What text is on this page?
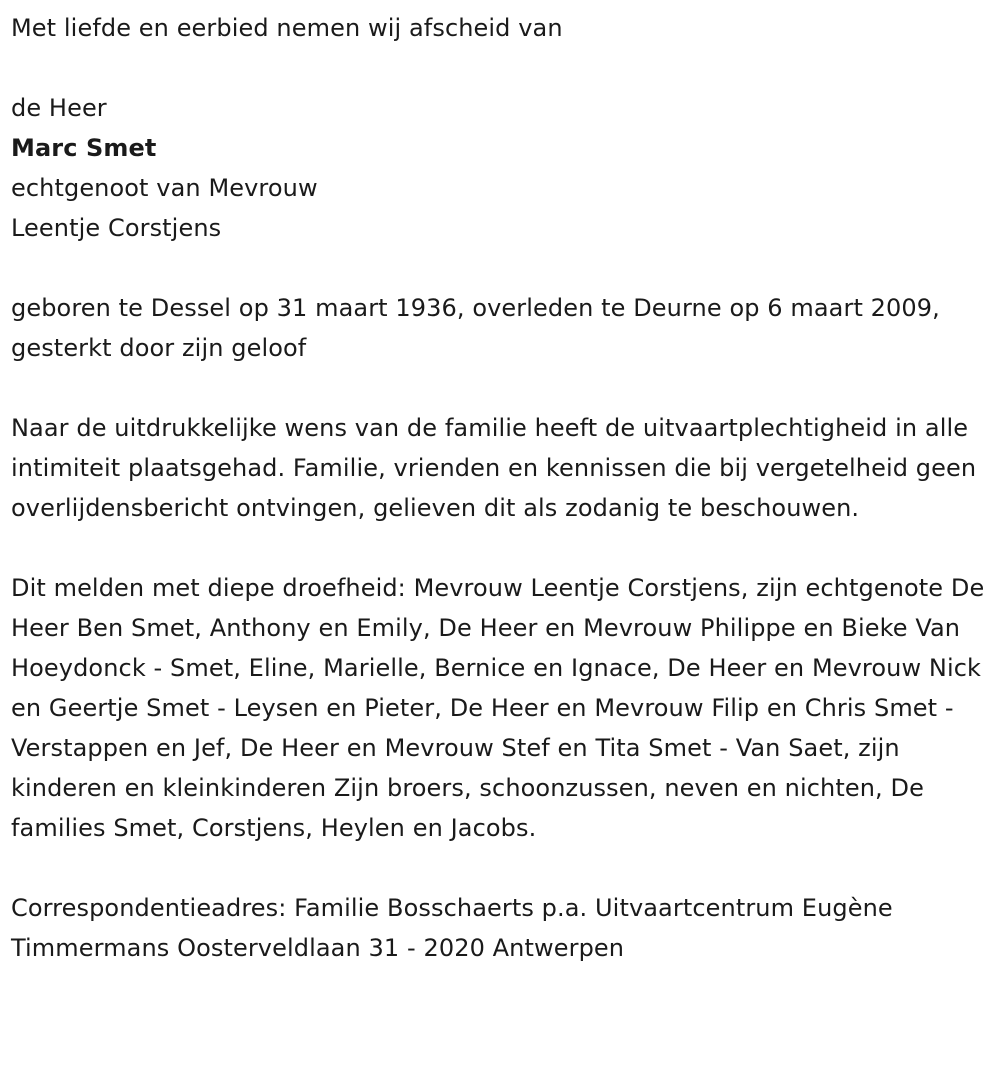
Met liefde en eerbied nemen wij afscheid van

de Heer

Marc Smet

echtgenoot van Mevrouw

Leentje Corstjens

geboren te Dessel op 31 maart 1936, overleden te Deurne op 6 maart 2009, gesterkt door zijn geloof

Naar de uitdrukkelijke wens van de familie heeft de uitvaartplechtigheid in alle intimiteit plaatsgehad. Familie, vrienden en kennissen die bij vergetelheid geen overlijdensbericht ontvingen, gelieven dit als zodanig te beschouwen.

Dit melden met diepe droefheid: Mevrouw Leentje Corstjens, zijn echtgenote De Heer Ben Smet, Anthony en Emily, De Heer en Mevrouw Philippe en Bieke Van Hoeydonck - Smet, Eline, Marielle, Bernice en Ignace, De Heer en Mevrouw Nick en Geertje Smet - Leysen en Pieter, De Heer en Mevrouw Filip en Chris Smet - Verstappen en Jef, De Heer en Mevrouw Stef en Tita Smet - Van Saet, zijn kinderen en kleinkinderen Zijn broers, schoonzussen, neven en nichten, De families Smet, Corstjens, Heylen en Jacobs.

Correspondentieadres: Familie Bosschaerts p.a. Uitvaartcentrum Eugène Timmermans Oosterveldlaan 31 - 2020 Antwerpen
